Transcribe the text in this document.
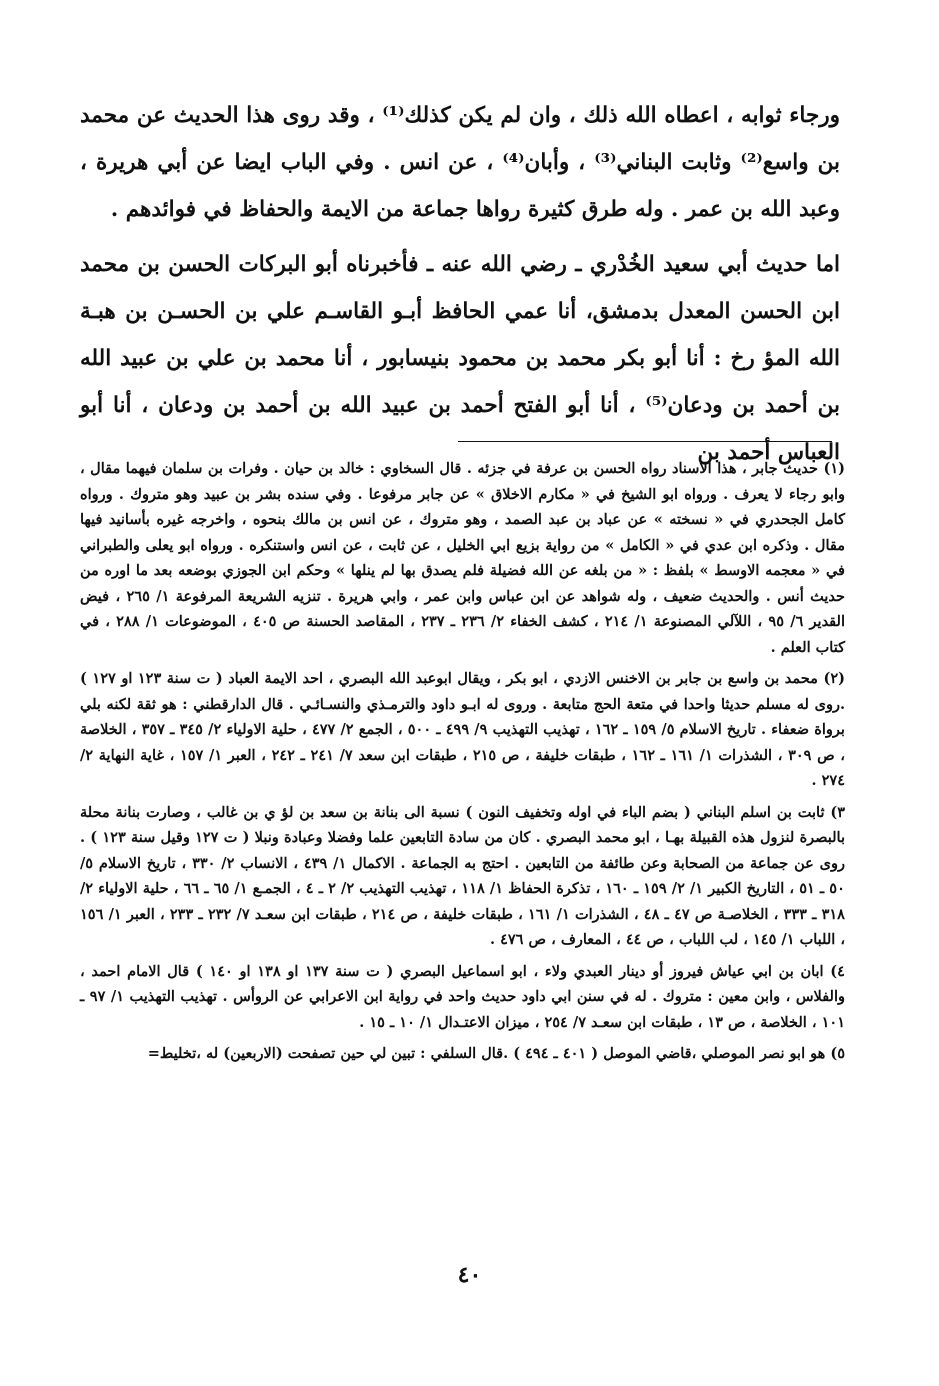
ورجاء ثوابه ، اعطاه الله ذلك ، وان لم يكن كذلك⁽¹⁾ ، وقد روى هذا الحديث عن محمد بن واسع⁽²⁾ وثابت البناني⁽³⁾ ، وأبان⁽⁴⁾ ، عن انس . وفي الباب ايضا عن أبي هريرة ، وعبد الله بن عمر . وله طرق كثيرة رواها جماعة من الايمة والحفاظ في فوائدهم .

اما حديث أبي سعيد الخُدْري ـ رضي الله عنه ـ فأخبرناه أبو البركات الحسن بن محمد ابن الحسن المعدل بدمشق، أنا عمي الحافظ أبـو القاسـم علي بن الحسـن بن هبـة الله المؤ رخ : أنا أبو بكر محمد بن محمود بنيسابور ، أنا محمد بن علي بن عبيد الله بن أحمد بن ودعان⁽⁵⁾ ، أنا أبو الفتح أحمد بن عبيد الله بن أحمد بن ودعان ، أنا أبو العباس أحمد بن

(١) حديث جابر ، هذا الاسناد رواه الحسن بن عرفة في جزئه . قال السخاوي : خالد بن حيان . وفرات بن سلمان فيهما مقال ، وابو رجاء لا يعرف . ورواه ابو الشيخ في « مكارم الاخلاق » عن جابر مرفوعا . وفي سنده بشر بن عبيد وهو متروك . ورواه كامل الجحدري في « نسخته » عن عباد بن عبد الصمد ، وهو متروك ، عن انس بن مالك بنحوه ، واخرجه غيره بأسانيد فيها مقال . وذكره ابن عدي في « الكامل » من رواية بزيع ابي الخليل ، عن ثابت ، عن انس واستنكره . ورواه ابو يعلى والطبراني في « معجمه الاوسط » بلفظ : « من بلغه عن الله فضيلة فلم يصدق بها لم ينلها » وحكم ابن الجوزي بوضعه بعد ما اوره من حديث أنس . والحديث ضعيف ، وله شواهد عن ابن عباس وابن عمر ، وابي هريرة . تنزيه الشريعة المرفوعة ١/ ٢٦٥ ، فيض القدير ٦/ ٩٥ ، اللآلي المصنوعة ١/ ٢١٤ ، كشف الخفاء ٢/ ٢٣٦ ـ ٢٣٧ ، المقاصد الحسنة ص ٤٠٥ ، الموضوعات ١/ ٢٨٨ ، في كتاب العلم .

(٢) محمد بن واسع بن جابر بن الاخنس الازدي ، ابو بكر ، ويقال ابوعبد الله البصري ، احد الايمة العباد ( ت سنة ١٢٣ او ١٢٧ ) .روى له مسلم حديثا واحدا في متعة الحج متابعة . وروى له ابـو داود والترمـذي والنسـائـي . قال الدارقطني : هو ثقة لكنه بلي برواة ضعفاء . تاريخ الاسلام ٥/ ١٥٩ ـ ١٦٢ ، تهذيب التهذيب ٩/ ٤٩٩ ـ ٥٠٠ ، الجمع ٢/ ٤٧٧ ، حلية الاولياء ٢/ ٣٤٥ ـ ٣٥٧ ، الخلاصة ، ص ٣٠٩ ، الشذرات ١/ ١٦١ ـ ١٦٢ ، طبقات خليفة ، ص ٢١٥ ، طبقات ابن سعد ٧/ ٢٤١ ـ ٢٤٢ ، العبر ١/ ١٥٧ ، غاية النهاية ٢/ ٢٧٤ .

٣) ثابت بن اسلم البناني ( بضم الباء في اوله وتخفيف النون ) نسبة الى بنانة بن سعد بن لؤ ي بن غالب ، وصارت بنانة محلة بالبصرة لنزول هذه القبيلة بهـا ، ابو محمد البصري . كان من سادة التابعين علما وفضلا وعبادة ونبلا ( ت ١٢٧ وقيل سنة ١٢٣ ) . روى عن جماعة من الصحابة وعن طائفة من التابعين . احتج به الجماعة . الاكمال ١/ ٤٣٩ ، الانساب ٢/ ٣٣٠ ، تاريخ الاسلام ٥/ ٥٠ ـ ٥١ ، التاريخ الكبير ١/ ٢/ ١٥٩ ـ ١٦٠ ، تذكرة الحفاظ ١/ ١١٨ ، تهذيب التهذيب ٢/ ٢ ـ ٤ ، الجمـع ١/ ٦٥ ـ ٦٦ ، حلية الاولياء ٢/ ٣١٨ ـ ٣٣٣ ، الخلاصـة ص ٤٧ ـ ٤٨ ، الشذرات ١/ ١٦١ ، طبقات خليفة ، ص ٢١٤ ، طبقات ابن سعـد ٧/ ٢٣٢ ـ ٢٣٣ ، العبر ١/ ١٥٦ ، اللباب ١/ ١٤٥ ، لب اللباب ، ص ٤٤ ، المعارف ، ص ٤٧٦ .

٤) ابان بن ابي عياش فيروز أو دينار العبدي ولاء ، ابو اسماعيل البصري ( ت سنة ١٣٧ او ١٣٨ او ١٤٠ ) قال الامام احمد ، والفلاس ، وابن معين : متروك . له في سنن ابي داود حديث واحد في رواية ابن الاعرابي عن الروأس . تهذيب التهذيب ١/ ٩٧ ـ ١٠١ ، الخلاصة ، ص ١٣ ، طبقات ابن سعـد ٧/ ٢٥٤ ، ميزان الاعتـدال ١/ ١٠ ـ ١٥ .

٥) هو ابو نصر الموصلي ،قاضي الموصل ( ٤٠١ ـ ٤٩٤ ) .قال السلفي : تبين لي حين تصفحت (الاربعين) له ،تخليط=

٤٠
